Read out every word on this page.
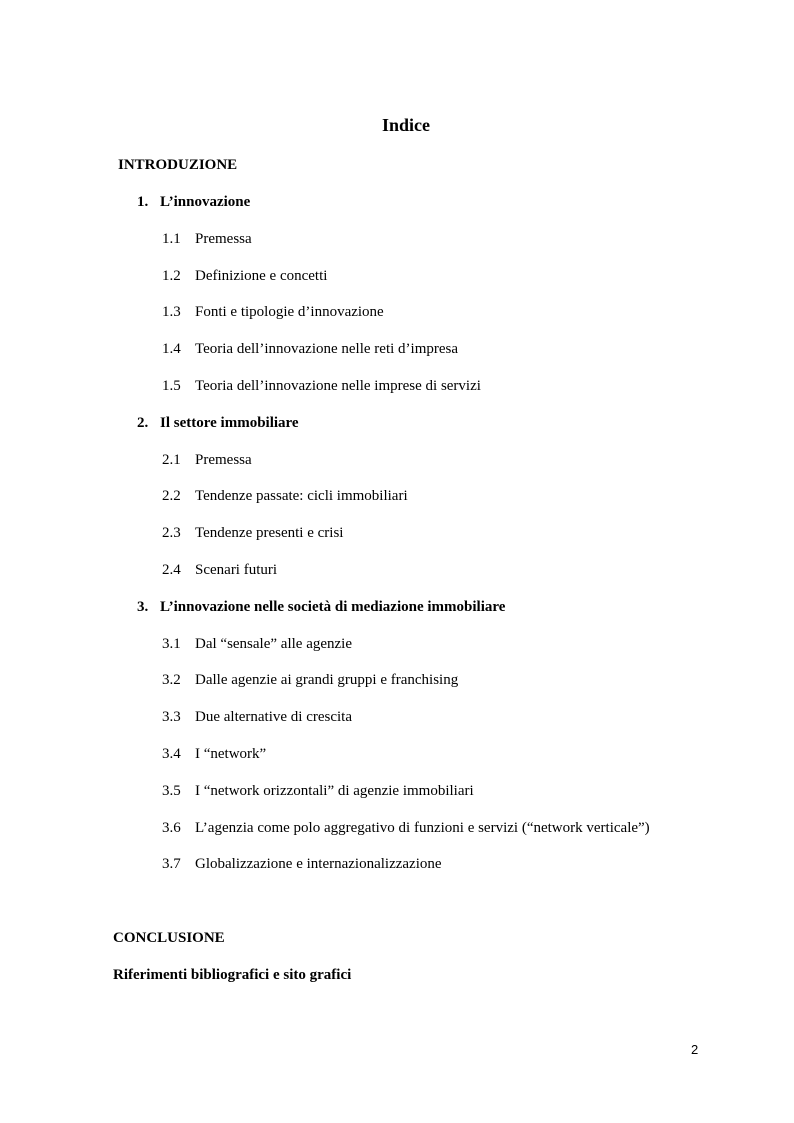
Indice
INTRODUZIONE
1. L’innovazione
1.1 Premessa
1.2 Definizione e concetti
1.3 Fonti e tipologie d’innovazione
1.4 Teoria dell’innovazione nelle reti d’impresa
1.5 Teoria dell’innovazione nelle imprese di servizi
2. Il settore immobiliare
2.1 Premessa
2.2 Tendenze passate: cicli immobiliari
2.3 Tendenze presenti e crisi
2.4 Scenari futuri
3. L’innovazione nelle società di mediazione immobiliare
3.1 Dal “sensale” alle agenzie
3.2 Dalle agenzie ai grandi gruppi e franchising
3.3 Due alternative di crescita
3.4 I “network”
3.5 I “network orizzontali” di agenzie immobiliari
3.6 L’agenzia come polo aggregativo di funzioni e servizi (“network verticale”)
3.7 Globalizzazione e internazionalizzazione
CONCLUSIONE
Riferimenti bibliografici e sito grafici
2
